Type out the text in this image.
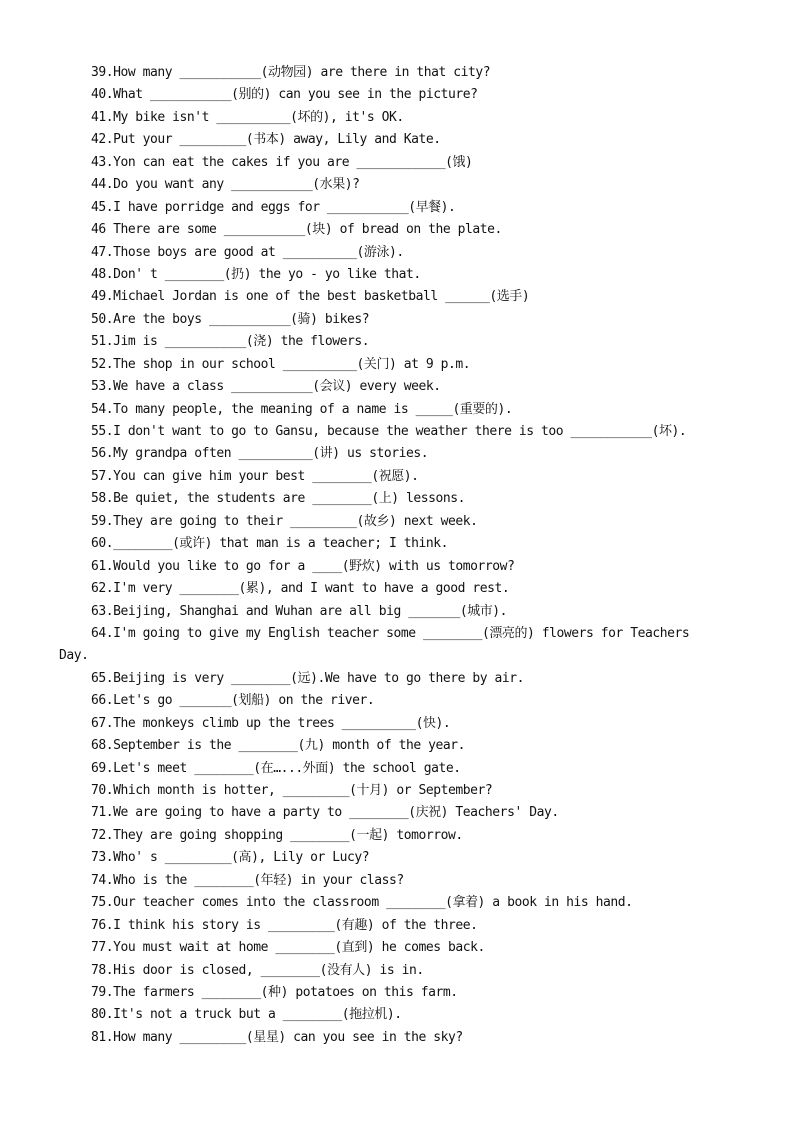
39.How many ___________(动物园) are there in that city?
40.What ___________(别的) can you see in the picture?
41.My bike isn't __________(坏的), it's OK.
42.Put your _________(书本) away, Lily and Kate.
43.Yon can eat the cakes if you are ____________(饿)
44.Do you want any ___________(水果)?
45.I have porridge and eggs for ___________(早餐).
46 There are some ___________(块) of bread on the plate.
47.Those boys are good at __________(游泳).
48.Don' t ________(扔) the yo - yo like that.
49.Michael Jordan is one of the best basketball ______(选手)
50.Are the boys ___________(骑) bikes?
51.Jim is ___________(浇) the flowers.
52.The shop in our school __________(关门) at 9 p.m.
53.We have a class ___________(会议) every week.
54.To many people, the meaning of a name is _____(重要的).
55.I don't want to go to Gansu, because the weather there is too ___________(坏).
56.My grandpa often __________(讲) us stories.
57.You can give him your best ________(祝愿).
58.Be quiet, the students are ________(上) lessons.
59.They are going to their _________(故乡) next week.
60.________(或许) that man is a teacher; I think.
61.Would you like to go for a ____(野炊) with us tomorrow?
62.I'm very ________(累), and I want to have a good rest.
63.Beijing, Shanghai and Wuhan are all big _______(城市).
64.I'm going to give my English teacher some ________(漂亮的) flowers for Teachers
Day.
65.Beijing is very ________(远).We have to go there by air.
66.Let's go _______(划船) on the river.
67.The monkeys climb up the trees __________(快).
68.September is the ________(九) month of the year.
69.Let's meet ________(在…...外面) the school gate.
70.Which month is hotter, _________(十月) or September?
71.We are going to have a party to ________(庆祝) Teachers' Day.
72.They are going shopping ________(一起) tomorrow.
73.Who' s _________(高), Lily or Lucy?
74.Who is the ________(年轻) in your class?
75.Our teacher comes into the classroom ________(拿着) a book in his hand.
76.I think his story is _________(有趣) of the three.
77.You must wait at home ________(直到) he comes back.
78.His door is closed, ________(没有人) is in.
79.The farmers ________(种) potatoes on this farm.
80.It's not a truck but a ________(拖拉机).
81.How many _________(星星) can you see in the sky?
